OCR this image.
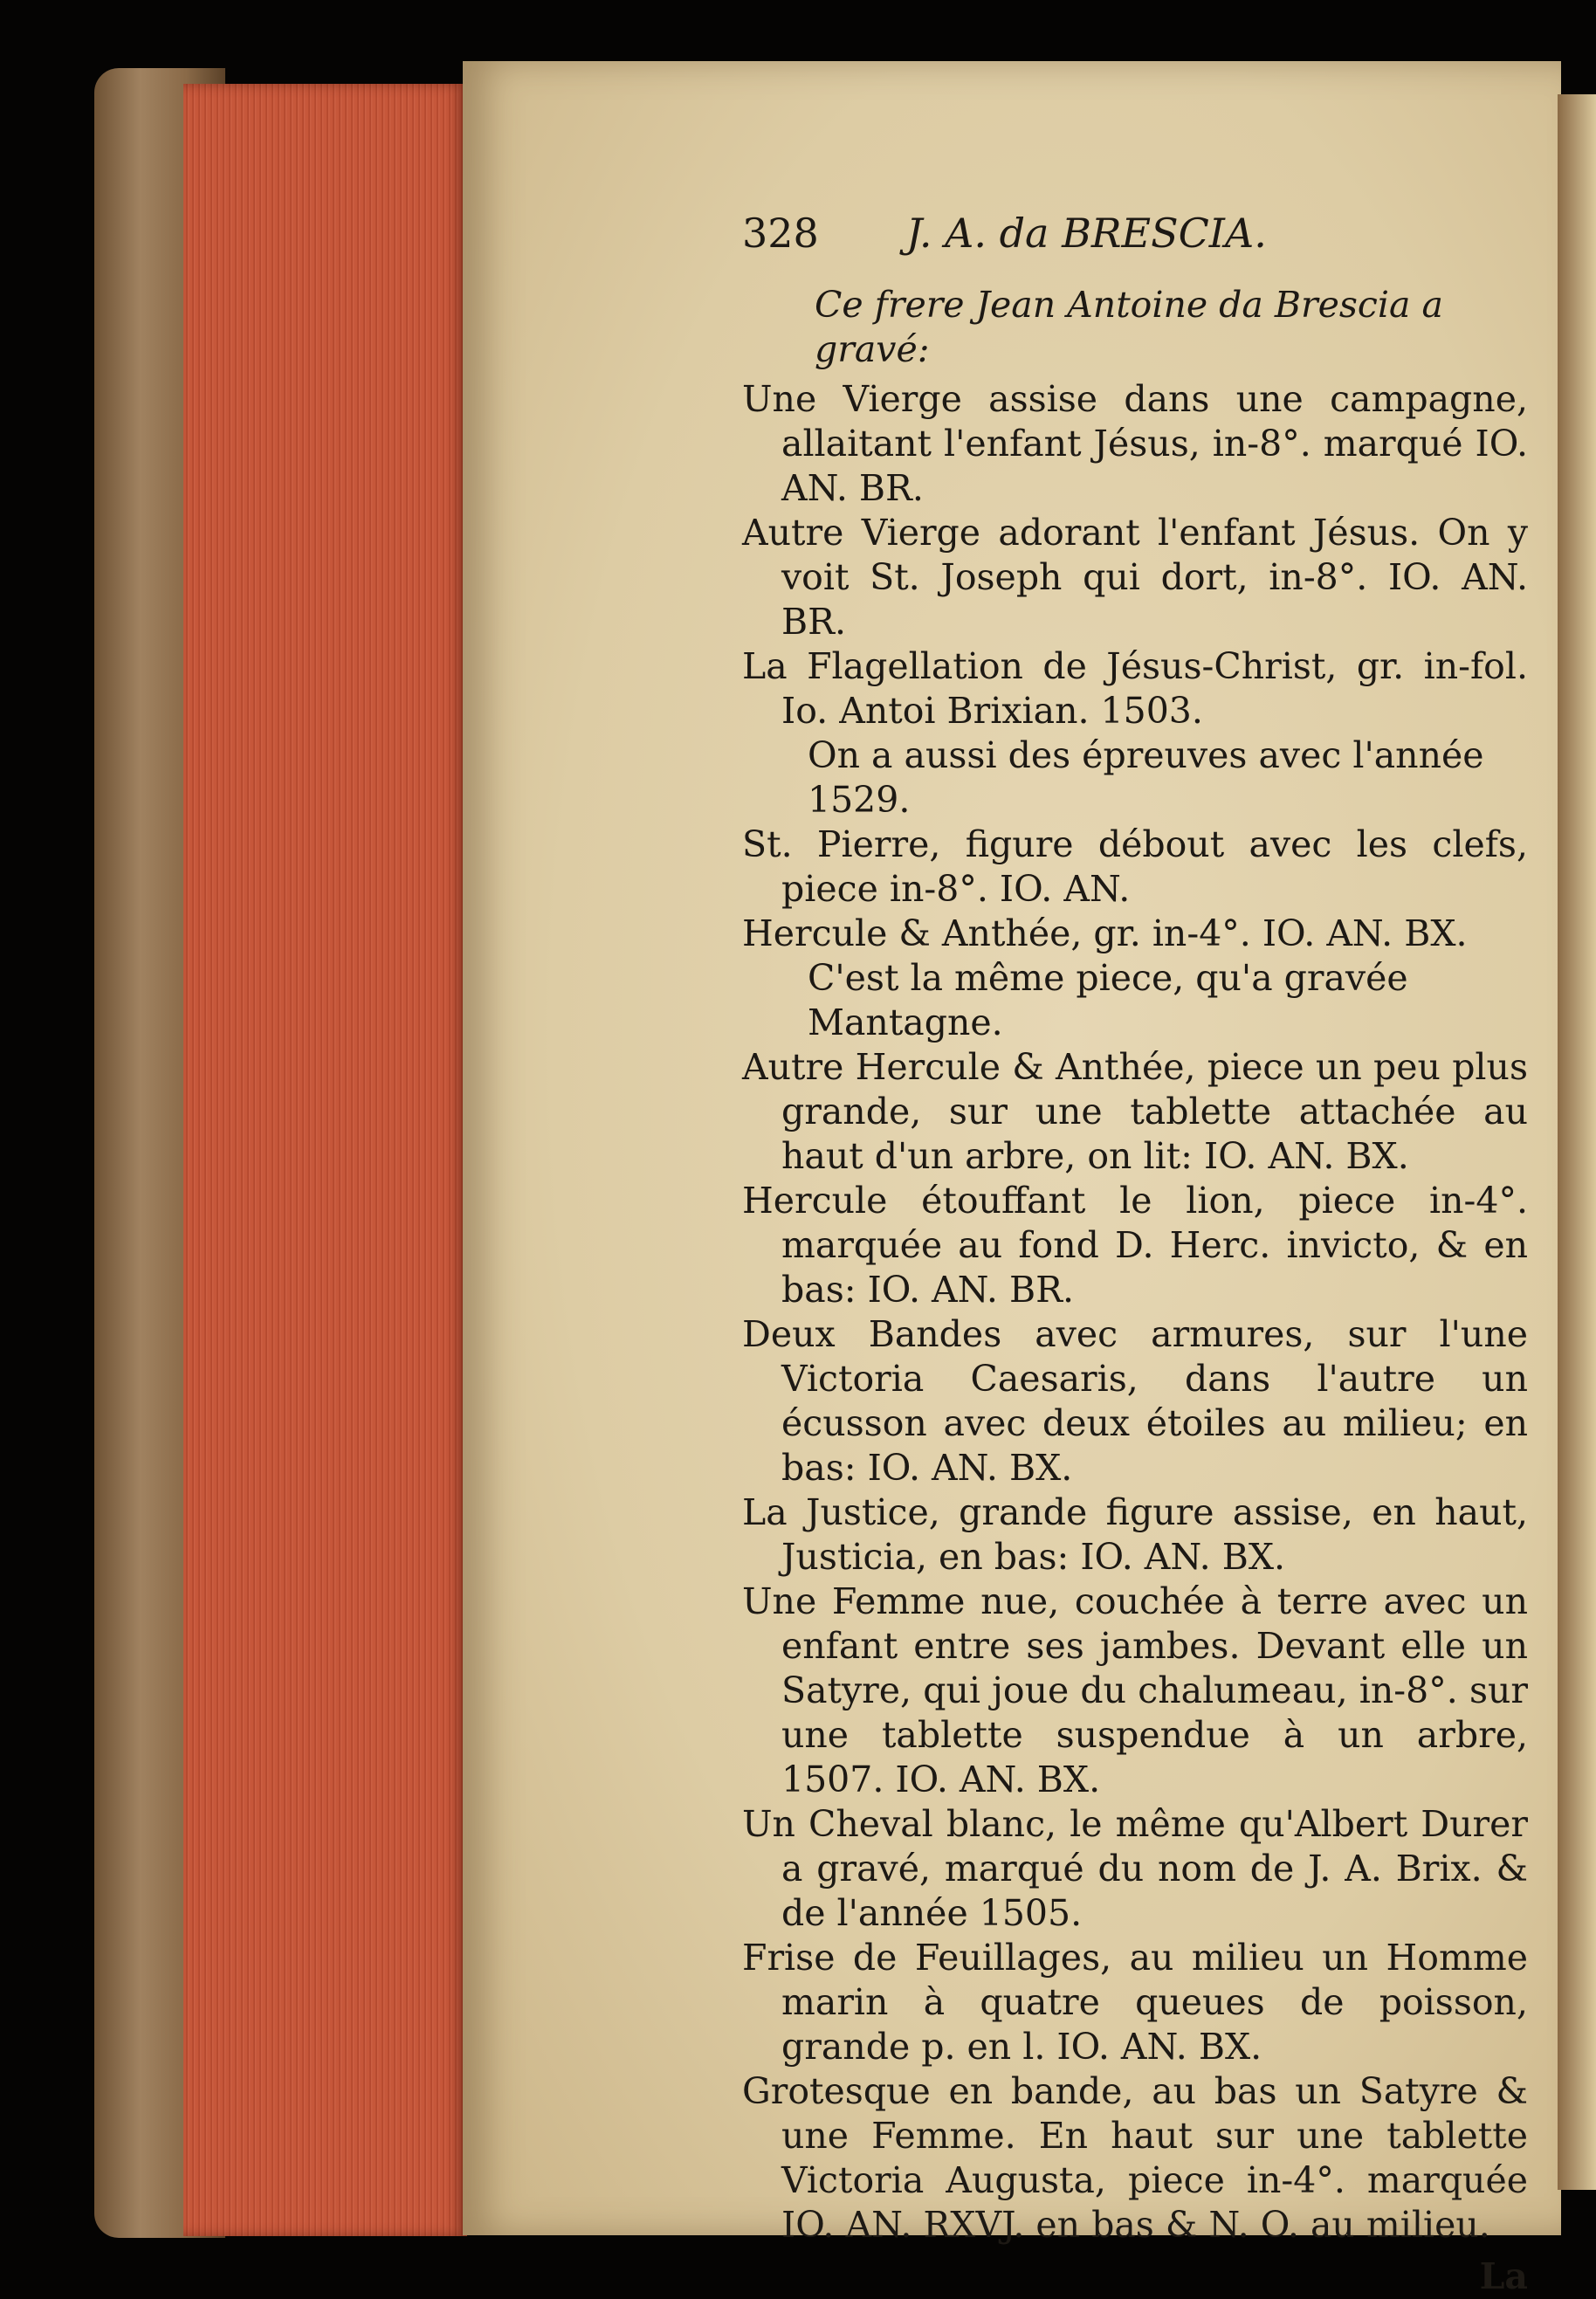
328 J. A. da BRESCIA.
Ce frere Jean Antoine da Brescia a gravé:
Une Vierge assise dans une campagne, allaitant l'enfant Jésus, in-8°. marqué IO. AN. BR.
Autre Vierge adorant l'enfant Jésus. On y voit St. Joseph qui dort, in-8°. IO. AN. BR.
La Flagellation de Jésus-Christ, gr. in-fol. Io. Antoi Brixian. 1503.
On a aussi des épreuves avec l'année 1529.
St. Pierre, figure débout avec les clefs, piece in-8°. IO. AN.
Hercule & Anthée, gr. in-4°. IO. AN. BX.
C'est la même piece, qu'a gravée Mantagne.
Autre Hercule & Anthée, piece un peu plus grande, sur une tablette attachée au haut d'un arbre, on lit: IO. AN. BX.
Hercule étouffant le lion, piece in-4°. marquée au fond D. Herc. invicto, & en bas: IO. AN. BR.
Deux Bandes avec armures, sur l'une Victoria Caesaris, dans l'autre un écusson avec deux étoiles au milieu; en bas: IO. AN. BX.
La Justice, grande figure assise, en haut, Justicia, en bas: IO. AN. BX.
Une Femme nue, couchée à terre avec un enfant entre ses jambes. Devant elle un Satyre, qui joue du chalumeau, in-8°. sur une tablette suspendue à un arbre, 1507. IO. AN. BX.
Un Cheval blanc, le même qu'Albert Durer a gravé, marqué du nom de J. A. Brix. & de l'année 1505.
Frise de Feuillages, au milieu un Homme marin à quatre queues de poisson, grande p. en l. IO. AN. BX.
Grotesque en bande, au bas un Satyre & une Femme. En haut sur une tablette Victoria Augusta, piece in-4°. marquée IO. AN. RXVJ. en bas & N. O. au milieu.
La
